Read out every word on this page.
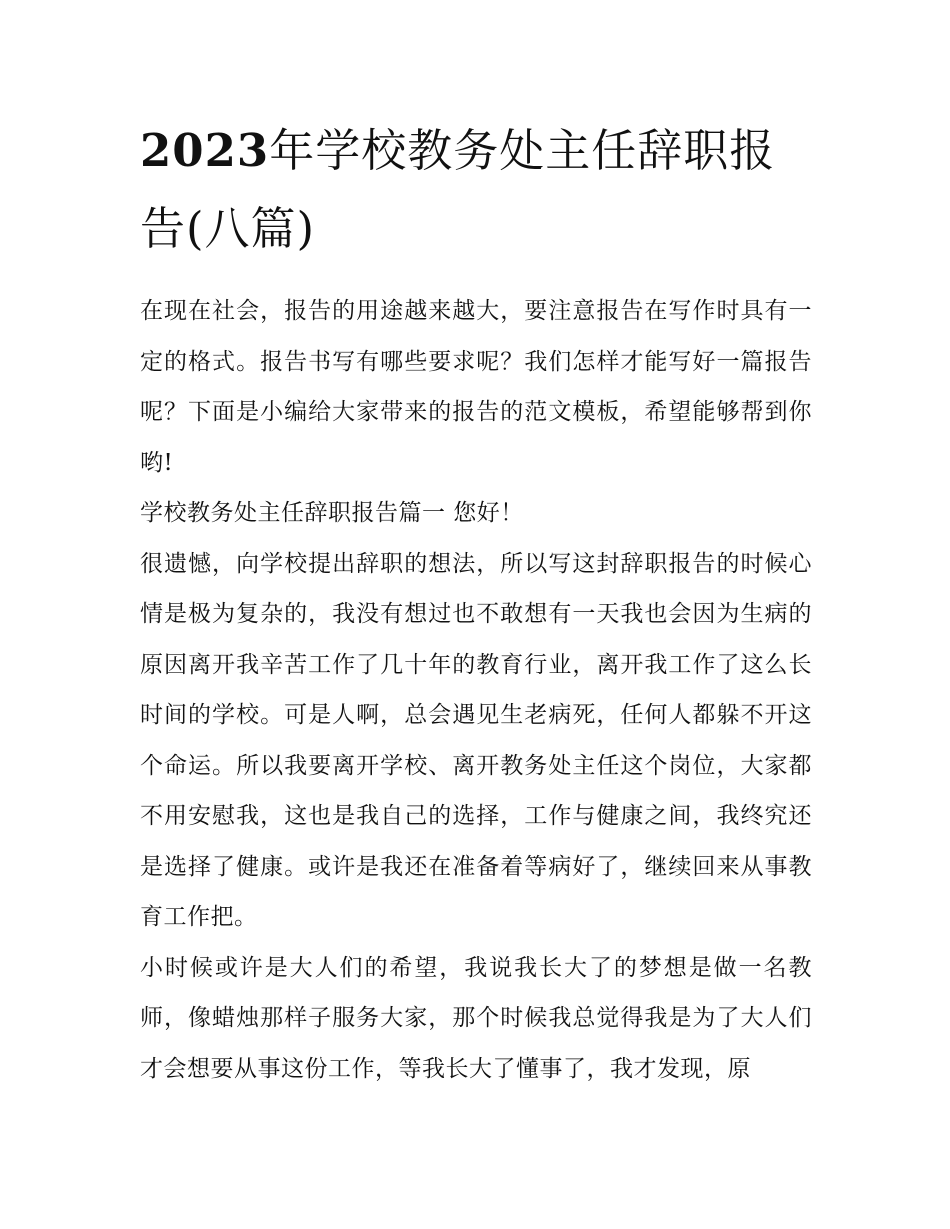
2023年学校教务处主任辞职报告(八篇)

在现在社会，报告的用途越来越大，要注意报告在写作时具有一定的格式。报告书写有哪些要求呢？我们怎样才能写好一篇报告呢？下面是小编给大家带来的报告的范文模板，希望能够帮到你哟!

学校教务处主任辞职报告篇一 您好！

很遗憾，向学校提出辞职的想法，所以写这封辞职报告的时候心情是极为复杂的，我没有想过也不敢想有一天我也会因为生病的原因离开我辛苦工作了几十年的教育行业，离开我工作了这么长时间的学校。可是人啊，总会遇见生老病死，任何人都躲不开这个命运。所以我要离开学校、离开教务处主任这个岗位，大家都不用安慰我，这也是我自己的选择，工作与健康之间，我终究还是选择了健康。或许是我还在准备着等病好了，继续回来从事教育工作把。

小时候或许是大人们的希望，我说我长大了的梦想是做一名教师，像蜡烛那样子服务大家，那个时候我总觉得我是为了大人们才会想要从事这份工作，等我长大了懂事了，我才发现，原
